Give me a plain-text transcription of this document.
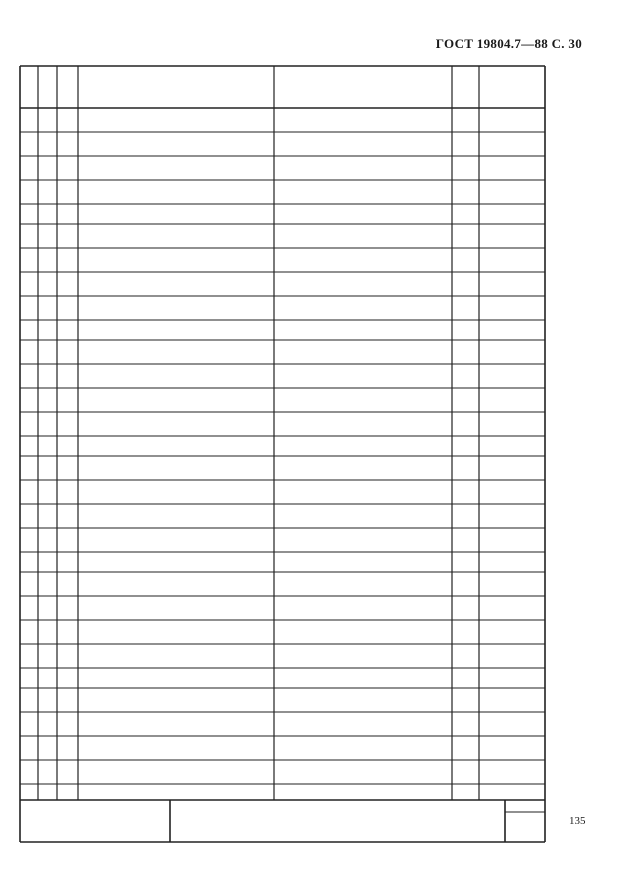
ГОСТ 19804.7—88 С. 30
135
